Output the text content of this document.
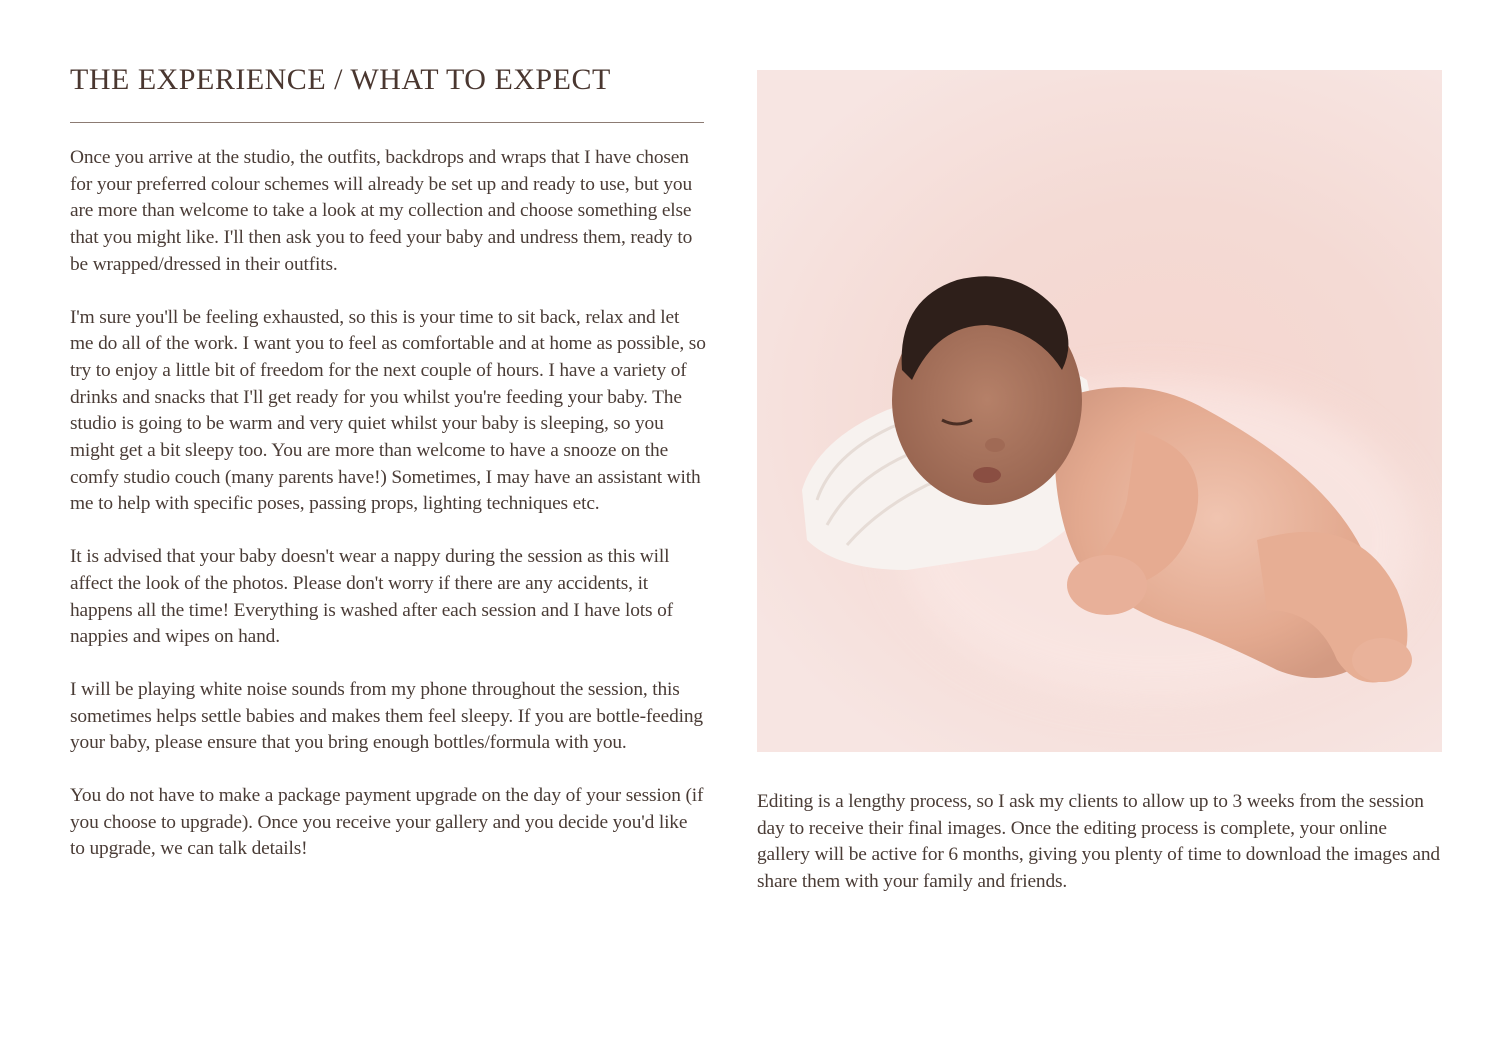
THE EXPERIENCE / WHAT TO EXPECT

Once you arrive at the studio, the outfits, backdrops and wraps that I have chosen for your preferred colour schemes will already be set up and ready to use, but you are more than welcome to take a look at my collection and choose something else that you might like. I'll then ask you to feed your baby and undress them, ready to be wrapped/dressed in their outfits.

I'm sure you'll be feeling exhausted, so this is your time to sit back, relax and let me do all of the work. I want you to feel as comfortable and at home as possible, so try to enjoy a little bit of freedom for the next couple of hours. I have a variety of drinks and snacks that I'll get ready for you whilst you're feeding your baby. The studio is going to be warm and very quiet whilst your baby is sleeping, so you might get a bit sleepy too. You are more than welcome to have a snooze on the comfy studio couch (many parents have!) Sometimes, I may have an assistant with me to help with specific poses, passing props, lighting techniques etc.

It is advised that your baby doesn't wear a nappy during the session as this will affect the look of the photos. Please don't worry if there are any accidents, it happens all the time! Everything is washed after each session and I have lots of nappies and wipes on hand.

I will be playing white noise sounds from my phone throughout the session, this sometimes helps settle babies and makes them feel sleepy. If you are bottle-feeding your baby, please ensure that you bring enough bottles/formula with you.

You do not have to make a package payment upgrade on the day of your session (if you choose to upgrade). Once you receive your gallery and you decide you'd like to upgrade, we can talk details!

Editing is a lengthy process, so I ask my clients to allow up to 3 weeks from the session day to receive their final images. Once the editing process is complete, your online gallery will be active for 6 months, giving you plenty of time to download the images and share them with your family and friends.
